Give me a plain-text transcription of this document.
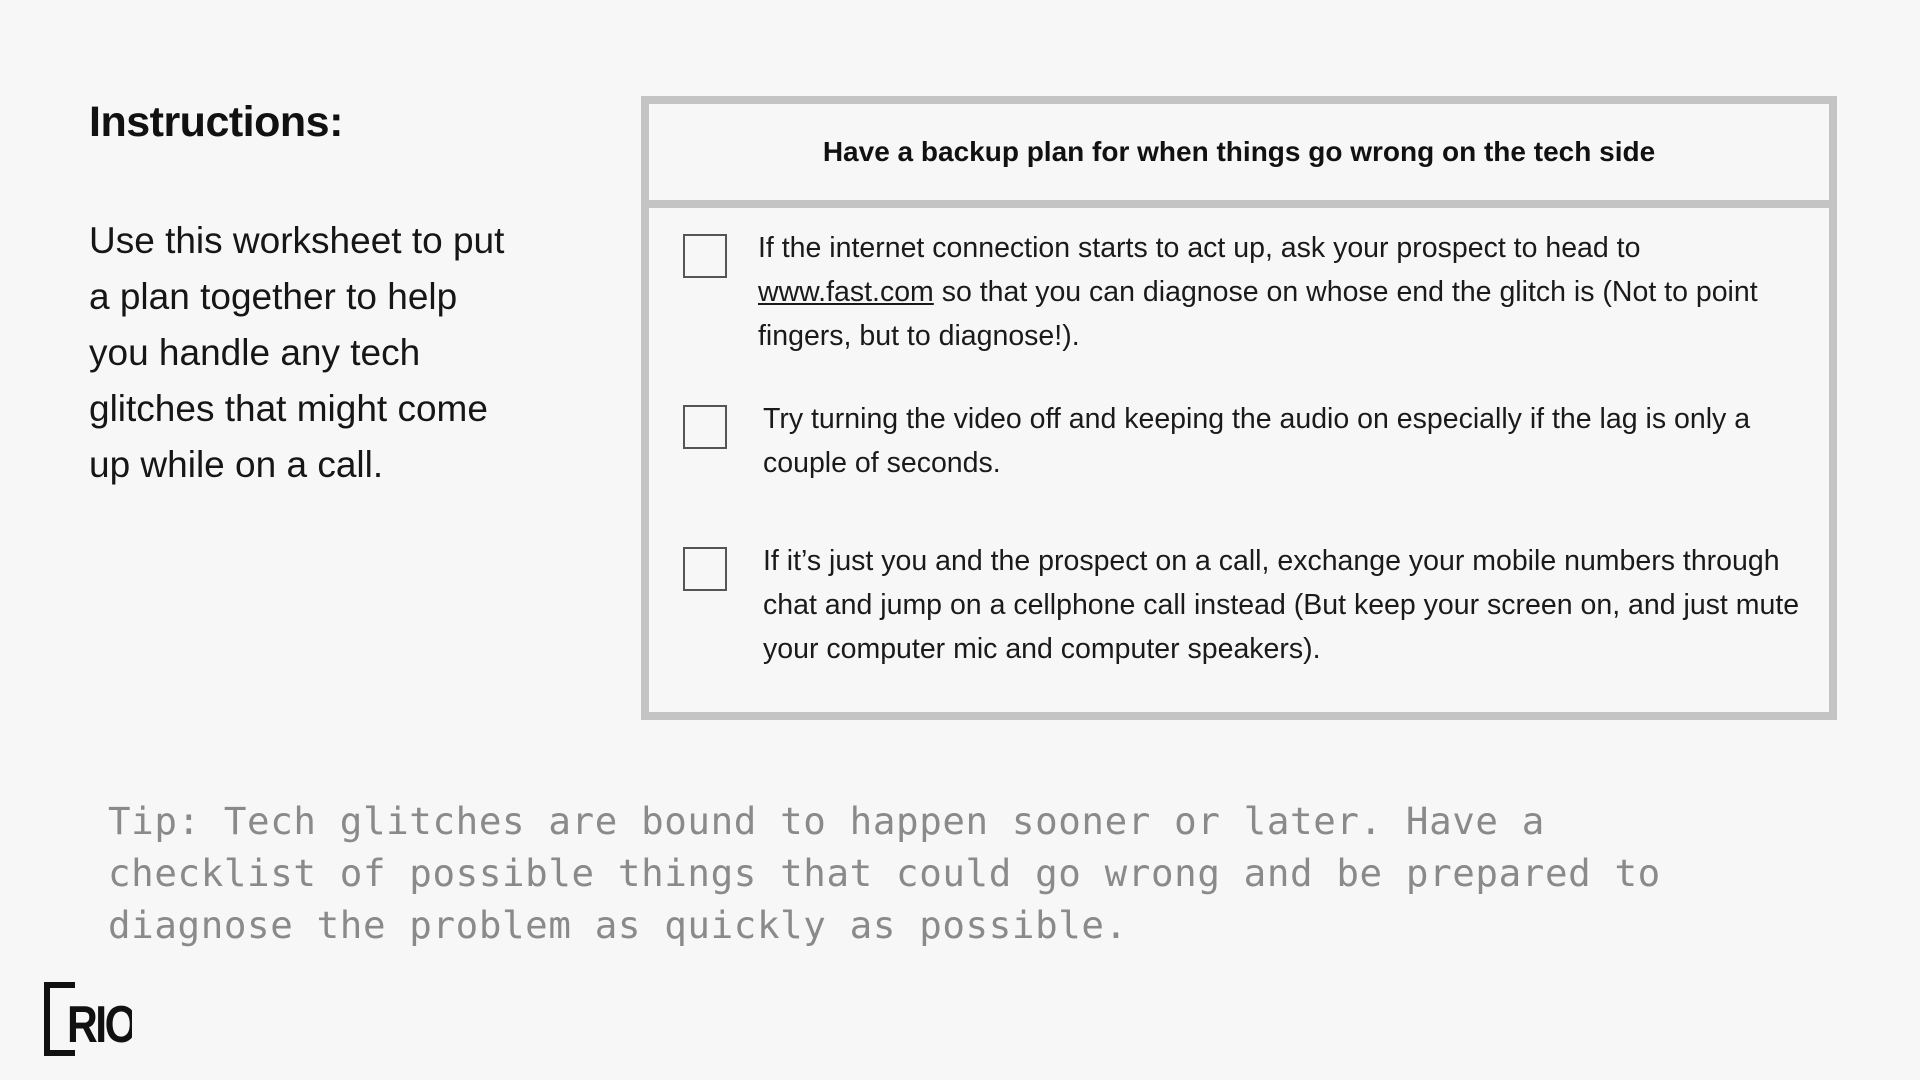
Instructions:

Use this worksheet to put a plan together to help you handle any tech glitches that might come up while on a call.

Have a backup plan for when things go wrong on the tech side
If the internet connection starts to act up, ask your prospect to head to www.fast.com so that you can diagnose on whose end the glitch is (Not to point fingers, but to diagnose!).
Try turning the video off and keeping the audio on especially if the lag is only a couple of seconds.
If it’s just you and the prospect on a call, exchange your mobile numbers through chat and jump on a cellphone call instead (But keep your screen on, and just mute your computer mic and computer speakers).

Tip: Tech glitches are bound to happen sooner or later. Have a checklist of possible things that could go wrong and be prepared to diagnose the problem as quickly as possible.

RIO
